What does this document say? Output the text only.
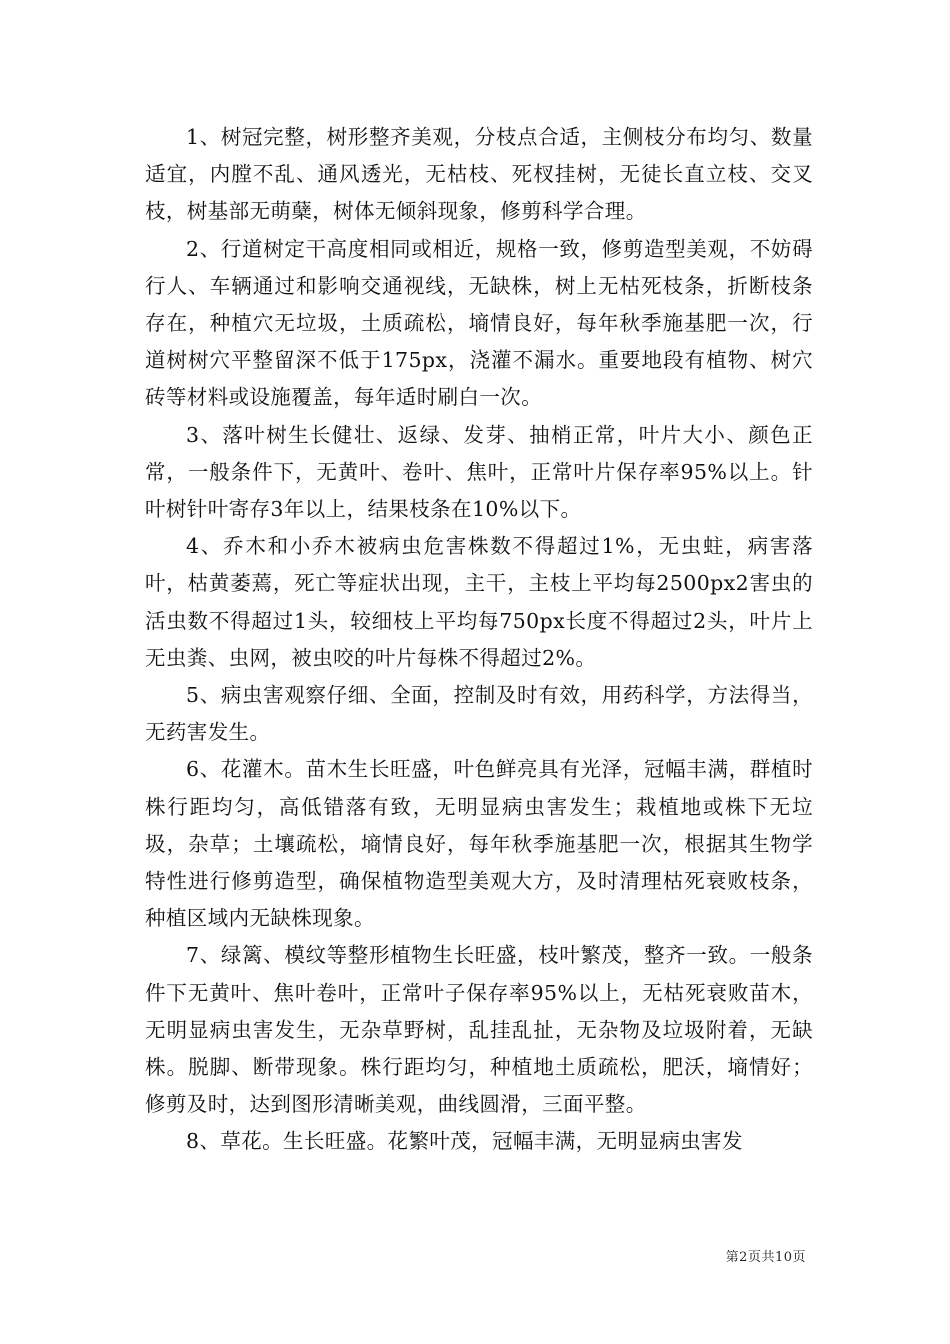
1、树冠完整，树形整齐美观，分枝点合适，主侧枝分布均匀、数量适宜，内膛不乱、通风透光，无枯枝、死杈挂树，无徒长直立枝、交叉枝，树基部无萌蘖，树体无倾斜现象，修剪科学合理。

2、行道树定干高度相同或相近，规格一致，修剪造型美观，不妨碍行人、车辆通过和影响交通视线，无缺株，树上无枯死枝条，折断枝条存在，种植穴无垃圾，土质疏松，墒情良好，每年秋季施基肥一次，行道树树穴平整留深不低于175px，浇灌不漏水。重要地段有植物、树穴砖等材料或设施覆盖，每年适时刷白一次。

3、落叶树生长健壮、返绿、发芽、抽梢正常，叶片大小、颜色正常，一般条件下，无黄叶、卷叶、焦叶，正常叶片保存率95%以上。针叶树针叶寄存3年以上，结果枝条在10%以下。

4、乔木和小乔木被病虫危害株数不得超过1%，无虫蛀，病害落叶，枯黄萎蔫，死亡等症状出现，主干，主枝上平均每2500px2害虫的活虫数不得超过1头，较细枝上平均每750px长度不得超过2头，叶片上无虫粪、虫网，被虫咬的叶片每株不得超过2%。

5、病虫害观察仔细、全面，控制及时有效，用药科学，方法得当，无药害发生。

6、花灌木。苗木生长旺盛，叶色鲜亮具有光泽，冠幅丰满，群植时株行距均匀，高低错落有致，无明显病虫害发生；栽植地或株下无垃圾，杂草；土壤疏松，墒情良好，每年秋季施基肥一次，根据其生物学特性进行修剪造型，确保植物造型美观大方，及时清理枯死衰败枝条，种植区域内无缺株现象。

7、绿篱、模纹等整形植物生长旺盛，枝叶繁茂，整齐一致。一般条件下无黄叶、焦叶卷叶，正常叶子保存率95%以上，无枯死衰败苗木，无明显病虫害发生，无杂草野树，乱挂乱扯，无杂物及垃圾附着，无缺株。脱脚、断带现象。株行距均匀，种植地土质疏松，肥沃，墒情好；修剪及时，达到图形清晰美观，曲线圆滑，三面平整。

8、草花。生长旺盛。花繁叶茂，冠幅丰满，无明显病虫害发

第2页共10页
